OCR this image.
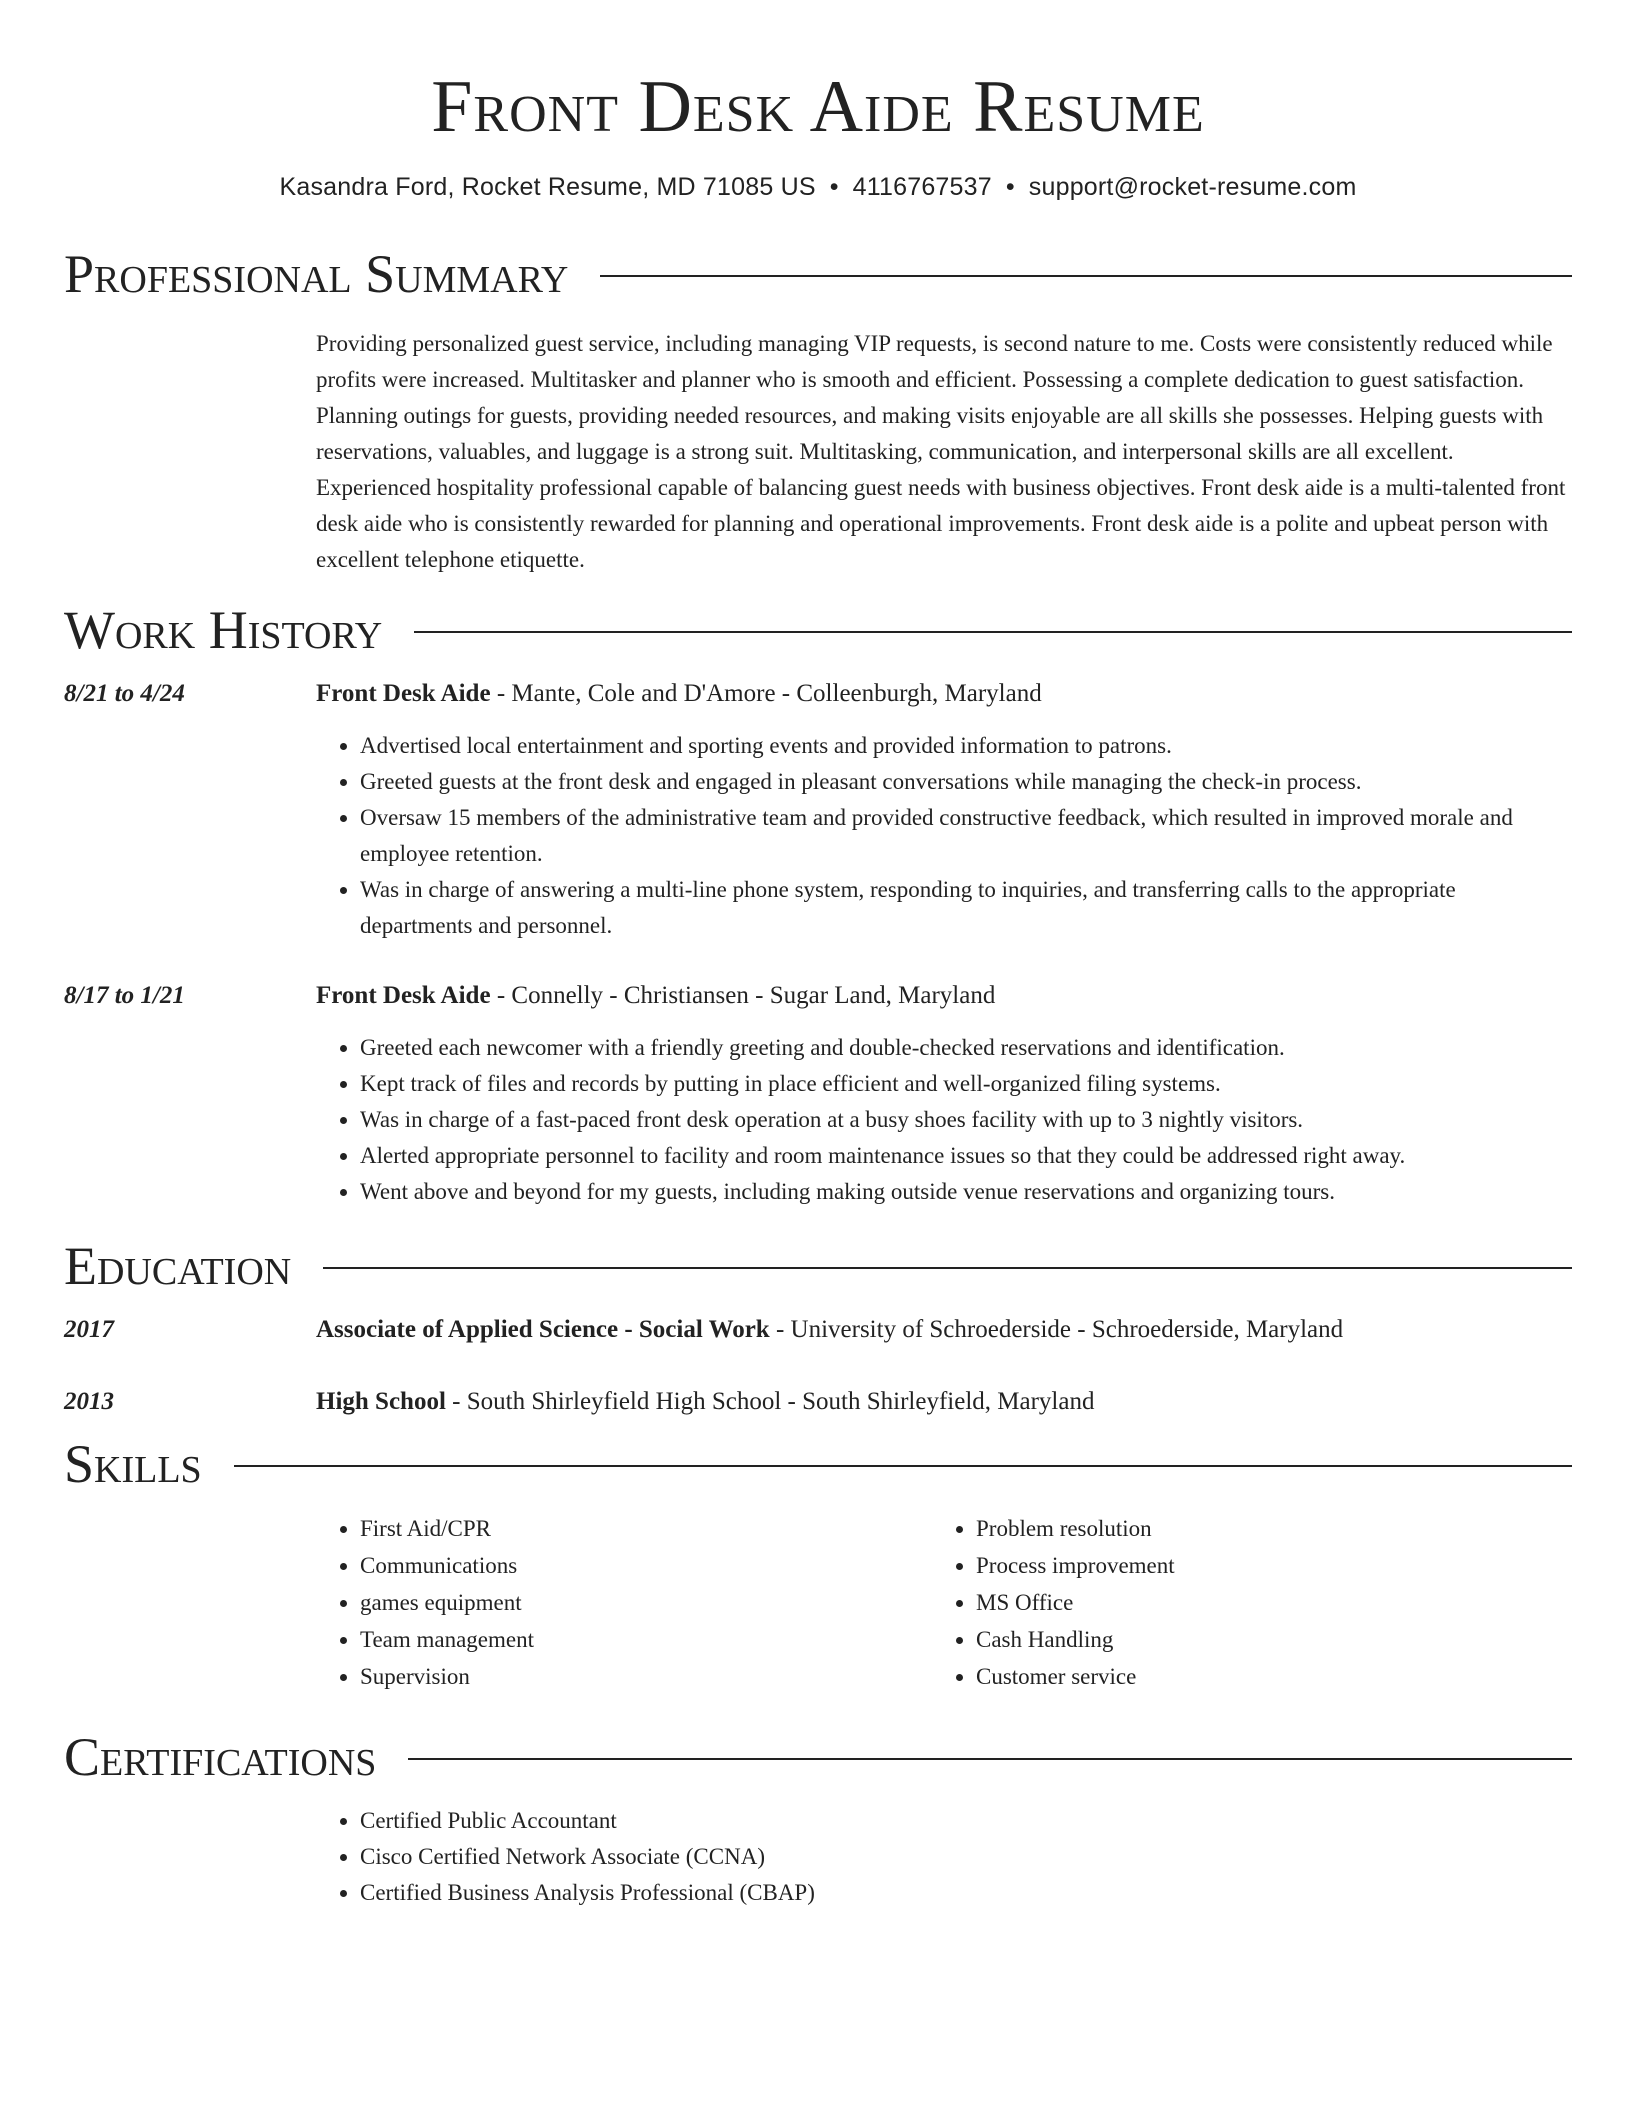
Front Desk Aide Resume
Kasandra Ford, Rocket Resume, MD 71085 US • 4116767537 • support@rocket-resume.com
Professional Summary
Providing personalized guest service, including managing VIP requests, is second nature to me. Costs were consistently reduced while profits were increased. Multitasker and planner who is smooth and efficient. Possessing a complete dedication to guest satisfaction. Planning outings for guests, providing needed resources, and making visits enjoyable are all skills she possesses. Helping guests with reservations, valuables, and luggage is a strong suit. Multitasking, communication, and interpersonal skills are all excellent. Experienced hospitality professional capable of balancing guest needs with business objectives. Front desk aide is a multi-talented front desk aide who is consistently rewarded for planning and operational improvements. Front desk aide is a polite and upbeat person with excellent telephone etiquette.
Work History
8/21 to 4/24	Front Desk Aide - Mante, Cole and D'Amore - Colleenburgh, Maryland
• Advertised local entertainment and sporting events and provided information to patrons.
• Greeted guests at the front desk and engaged in pleasant conversations while managing the check-in process.
• Oversaw 15 members of the administrative team and provided constructive feedback, which resulted in improved morale and employee retention.
• Was in charge of answering a multi-line phone system, responding to inquiries, and transferring calls to the appropriate departments and personnel.
8/17 to 1/21	Front Desk Aide - Connelly - Christiansen - Sugar Land, Maryland
• Greeted each newcomer with a friendly greeting and double-checked reservations and identification.
• Kept track of files and records by putting in place efficient and well-organized filing systems.
• Was in charge of a fast-paced front desk operation at a busy shoes facility with up to 3 nightly visitors.
• Alerted appropriate personnel to facility and room maintenance issues so that they could be addressed right away.
• Went above and beyond for my guests, including making outside venue reservations and organizing tours.
Education
2017	Associate of Applied Science - Social Work - University of Schroederside - Schroederside, Maryland
2013	High School - South Shirleyfield High School - South Shirleyfield, Maryland
Skills
• First Aid/CPR
• Communications
• games equipment
• Team management
• Supervision
• Problem resolution
• Process improvement
• MS Office
• Cash Handling
• Customer service
Certifications
• Certified Public Accountant
• Cisco Certified Network Associate (CCNA)
• Certified Business Analysis Professional (CBAP)
